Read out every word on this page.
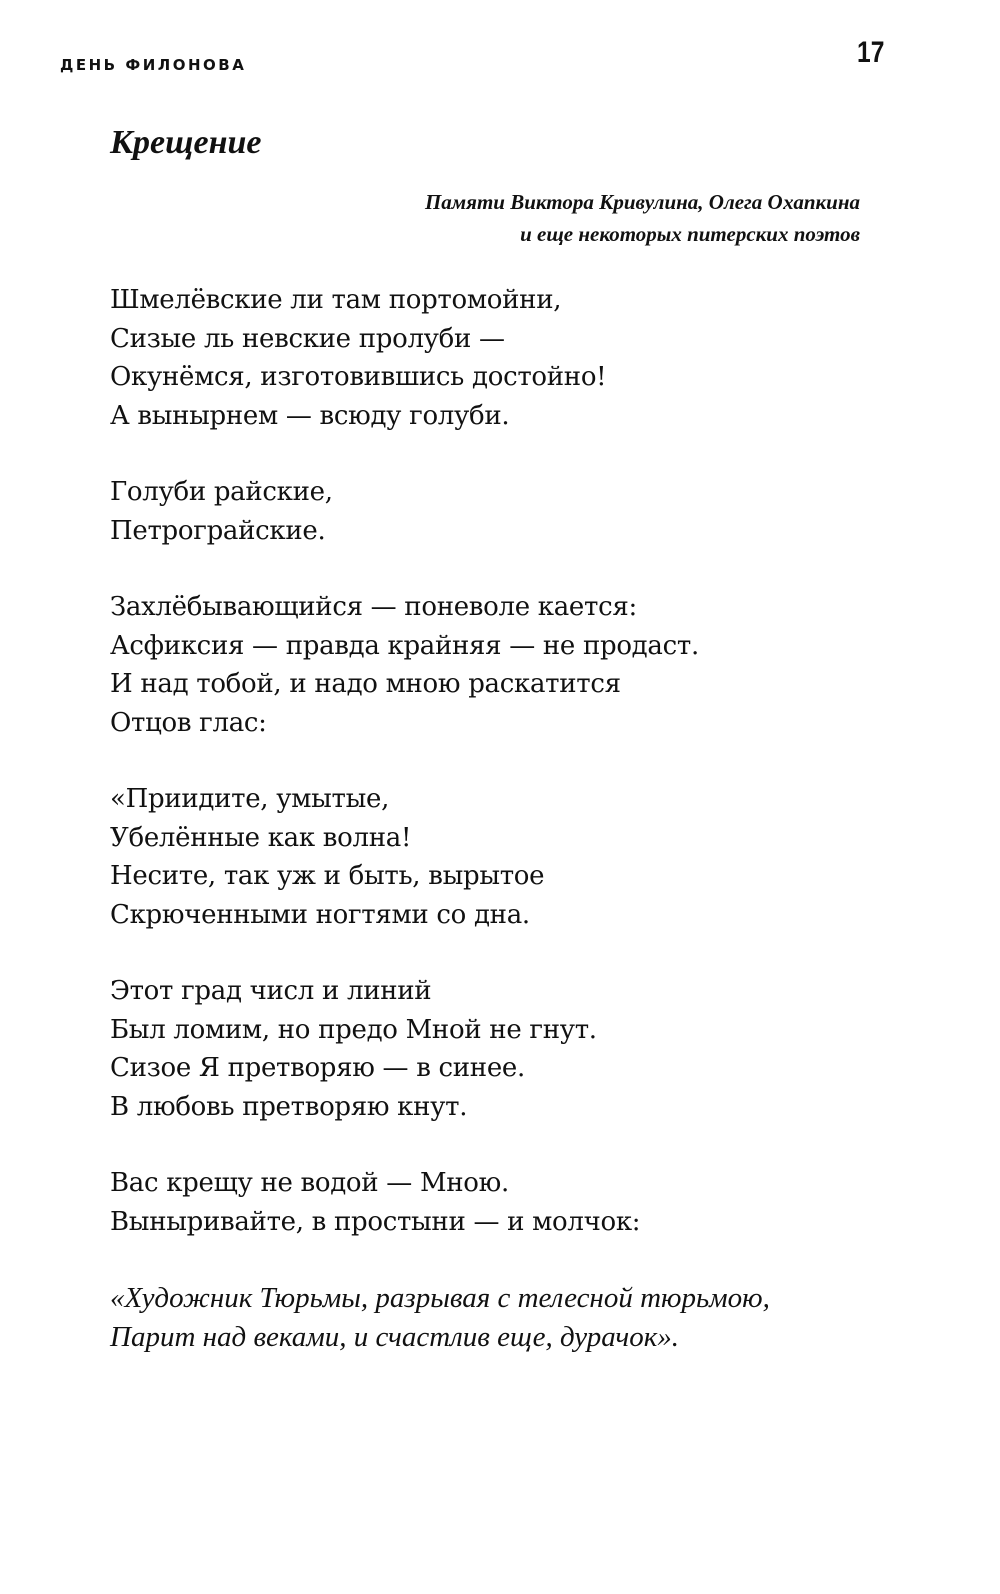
ДЕНЬ ФИЛОНОВА	17
Крещение
Памяти Виктора Кривулина, Олега Охапкина
и еще некоторых питерских поэтов
Шмелёвские ли там портомойни,
Сизые ль невские пролуби —
Окунёмся, изготовившись достойно!
А вынырнем — всюду голуби.
Голуби райские,
Петрограйские.
Захлёбывающийся — поневоле кается:
Асфиксия — правда крайняя — не продаст.
И над тобой, и надо мною раскатится
Отцов глас:
«Приидите, умытые,
Убелённые как волна!
Несите, так уж и быть, вырытое
Скрюченными ногтями со дна.
Этот град числ и линий
Был ломим, но предо Мной не гнут.
Сизое Я претворяю — в синее.
В любовь претворяю кнут.
Вас крещу не водой — Мною.
Выныривайте, в простыни — и молчок:
«Художник Тюрьмы, разрывая с телесной тюрьмою,
Парит над веками, и счастлив еще, дурачок».
